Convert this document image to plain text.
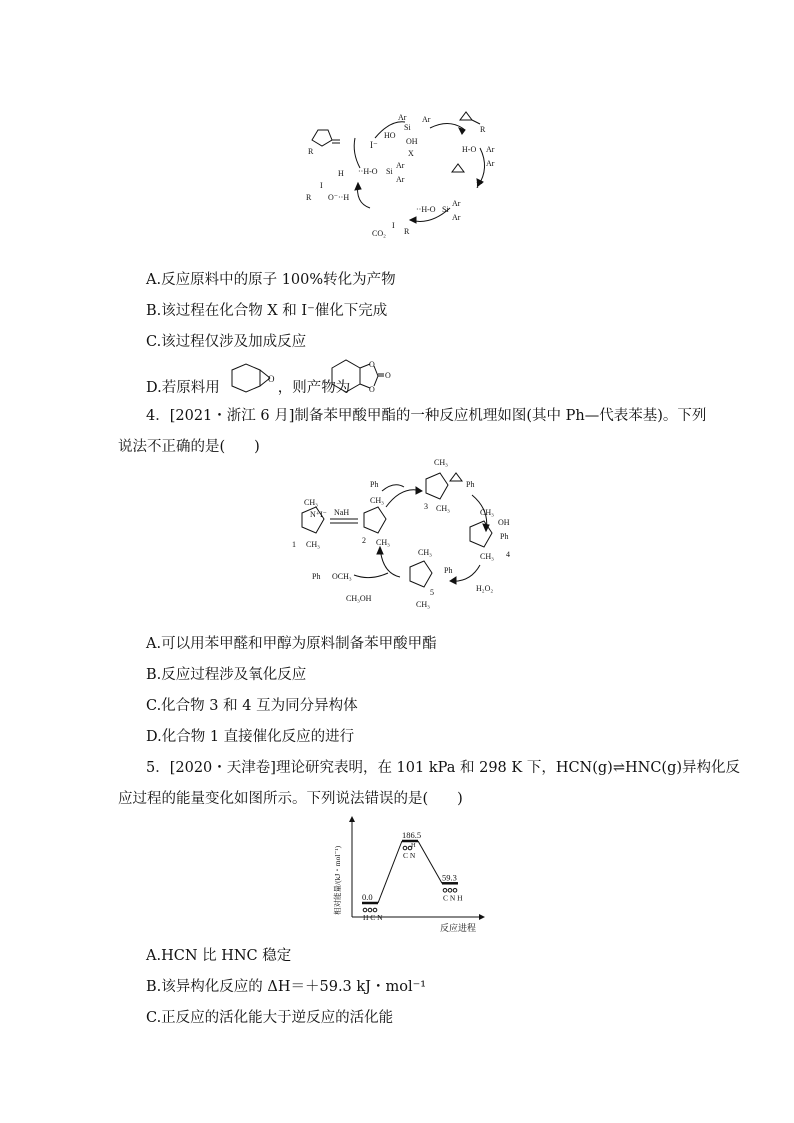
I⁻
Ar Ar
Si
HO
OH
X
R
R
I
H
CO₂
··H-O Si
Ar
Ar
R O⁻··H
H-O Ar
Ar
I⁻
··H-O Si
Ar
Ar
I
R
A.反应原料中的原子 100%转化为产物
B.该过程在化合物 X 和 I⁻催化下完成
C.该过程仅涉及加成反应
D.若原料用	，则产物为
O
O
O
O
4．[2021・浙江 6 月]制备苯甲酸甲酯的一种反应机理如图(其中 Ph—代表苯基)。下列
说法不正确的是(　　)
CH₃
N⁺I⁻
1 CH₃
NaH
CH₃
2 CH₃
Ph
CH₃
Ph
3 CH₃	CH₃
OH
Ph
4
CH₃
H₂O₂
CH₃
Ph
5
CH₃
Ph OCH₃
CH₃OH
A.可以用苯甲醛和甲醇为原料制备苯甲酸甲酯
B.反应过程涉及氧化反应
C.化合物 3 和 4 互为同分异构体
D.化合物 1 直接催化反应的进行
5．[2020・天津卷]理论研究表明，在 101 kPa 和 298 K 下，HCN(g)⇌HNC(g)异构化反
应过程的能量变化如图所示。下列说法错误的是(　　)
相对能量/(kJ・mol⁻¹)
反应进程
0.0
H C N
186.5
C N
59.3
C N H
H
A.HCN 比 HNC 稳定
B.该异构化反应的 ΔH＝＋59.3 kJ・mol⁻¹
C.正反应的活化能大于逆反应的活化能
